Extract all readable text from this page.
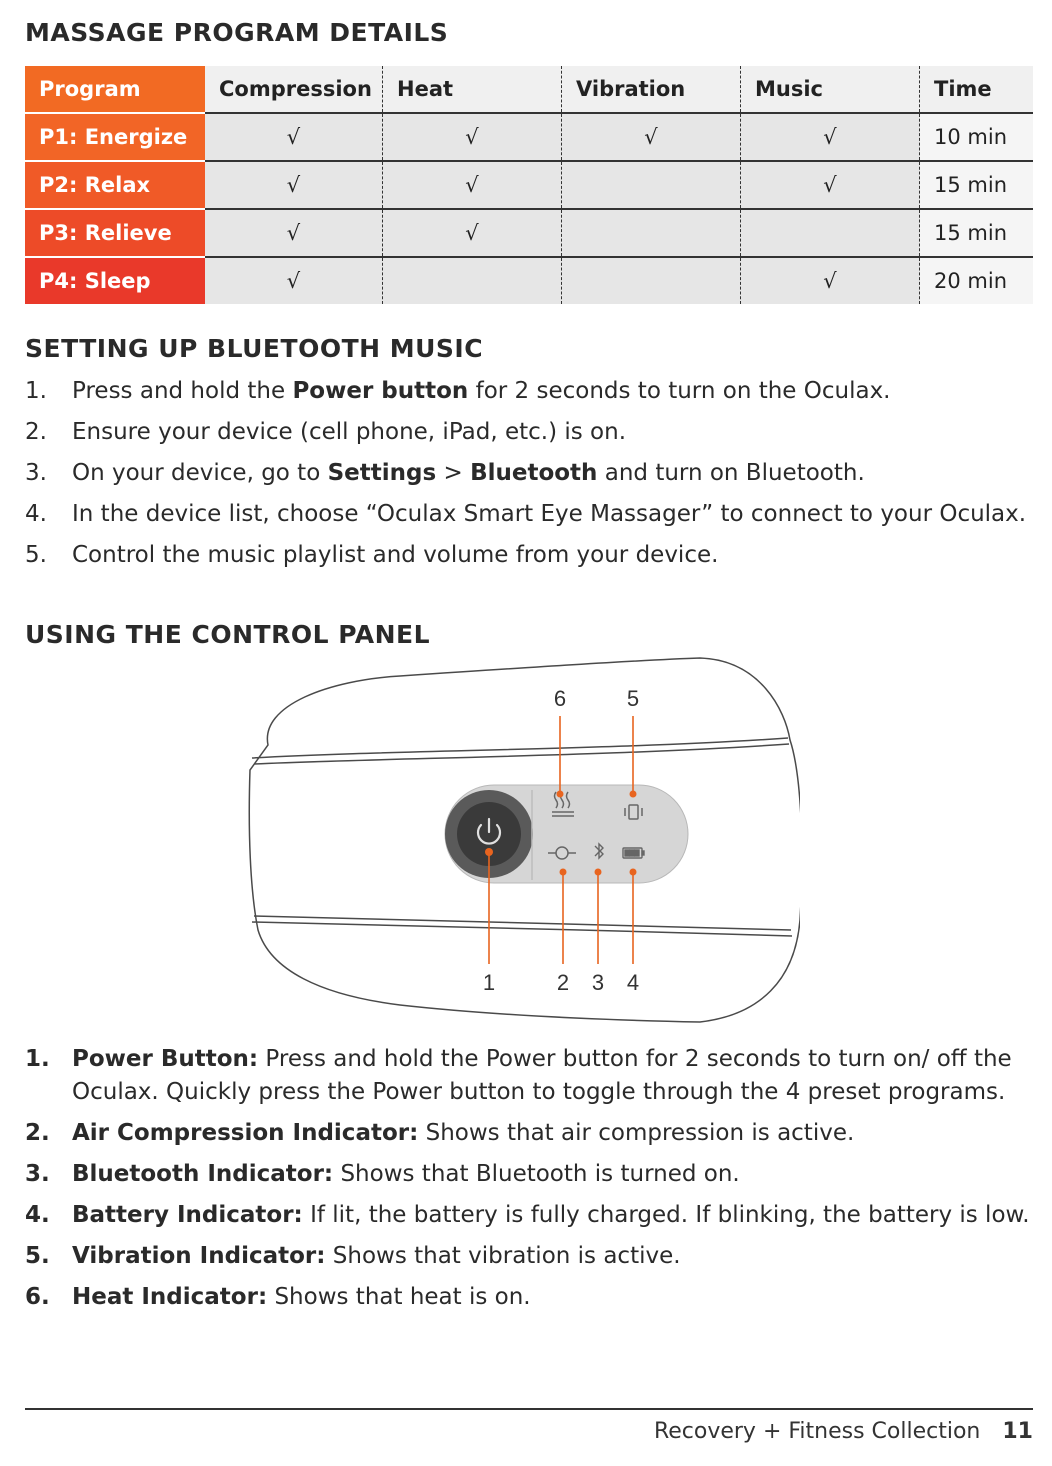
MASSAGE PROGRAM DETAILS
Program	Compression	Heat	Vibration	Music	Time
P1: Energize	√	√	√	√	10 min
P2: Relax	√	√		√	15 min
P3: Relieve	√	√			15 min
P4: Sleep	√			√	20 min
SETTING UP BLUETOOTH MUSIC
1. Press and hold the Power button for 2 seconds to turn on the Oculax.
2. Ensure your device (cell phone, iPad, etc.) is on.
3. On your device, go to Settings > Bluetooth and turn on Bluetooth.
4. In the device list, choose “Oculax Smart Eye Massager” to connect to your Oculax.
5. Control the music playlist and volume from your device.
USING THE CONTROL PANEL
1	2 3 4
5
6
1. Power Button: Press and hold the Power button for 2 seconds to turn on/ off the Oculax. Quickly press the Power button to toggle through the 4 preset programs.
2. Air Compression Indicator: Shows that air compression is active.
3. Bluetooth Indicator: Shows that Bluetooth is turned on.
4. Battery Indicator: If lit, the battery is fully charged. If blinking, the battery is low.
5. Vibration Indicator: Shows that vibration is active.
6. Heat Indicator: Shows that heat is on.
Recovery + Fitness Collection 11
